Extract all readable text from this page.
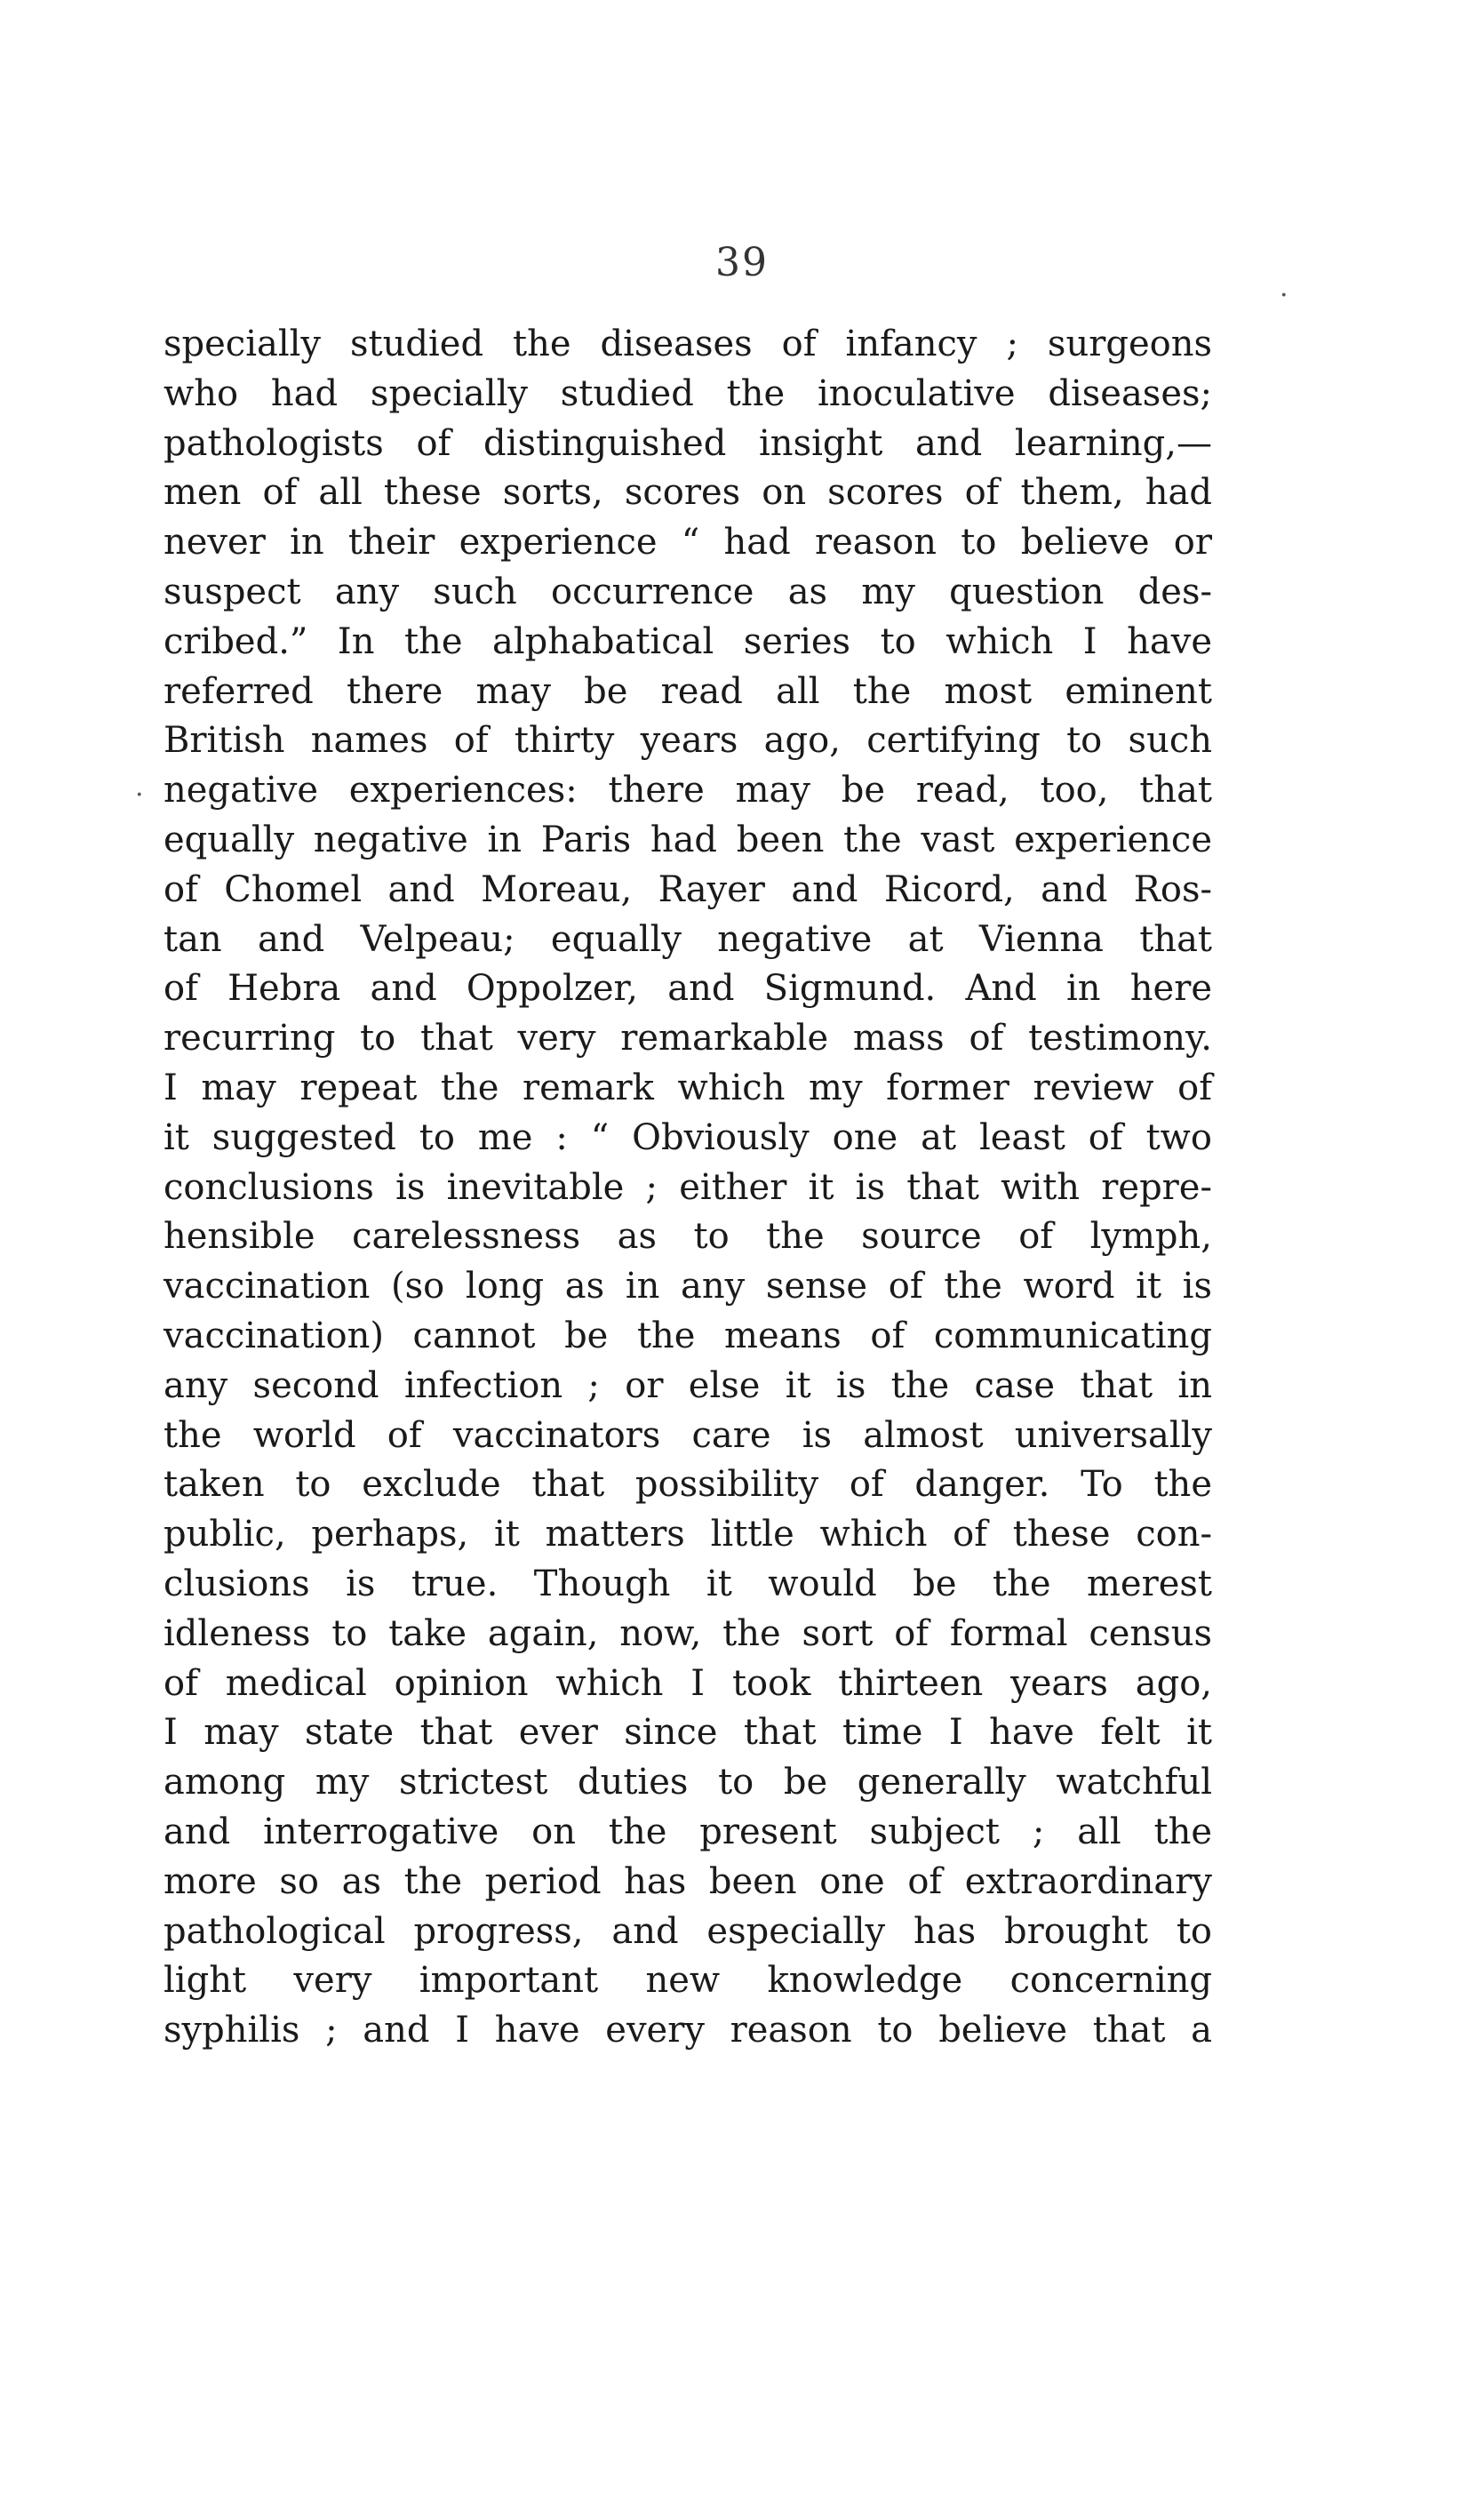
39
specially studied the diseases of infancy ; surgeons
who had specially studied the inoculative diseases;
pathologists of distinguished insight and learning,—
men of all these sorts, scores on scores of them, had
never in their experience “ had reason to believe or
suspect any such occurrence as my question des-
cribed.” In the alphabatical series to which I have
referred there may be read all the most eminent
British names of thirty years ago, certifying to such
negative experiences: there may be read, too, that
equally negative in Paris had been the vast experience
of Chomel and Moreau, Rayer and Ricord, and Ros-
tan and Velpeau; equally negative at Vienna that
of Hebra and Oppolzer, and Sigmund. And in here
recurring to that very remarkable mass of testimony.
I may repeat the remark which my former review of
it suggested to me : “ Obviously one at least of two
conclusions is inevitable ; either it is that with repre-
hensible carelessness as to the source of lymph,
vaccination (so long as in any sense of the word it is
vaccination) cannot be the means of communicating
any second infection ; or else it is the case that in
the world of vaccinators care is almost universally
taken to exclude that possibility of danger. To the
public, perhaps, it matters little which of these con-
clusions is true. Though it would be the merest
idleness to take again, now, the sort of formal census
of medical opinion which I took thirteen years ago,
I may state that ever since that time I have felt it
among my strictest duties to be generally watchful
and interrogative on the present subject ; all the
more so as the period has been one of extraordinary
pathological progress, and especially has brought to
light very important new knowledge concerning
syphilis ; and I have every reason to believe that a
·
·
